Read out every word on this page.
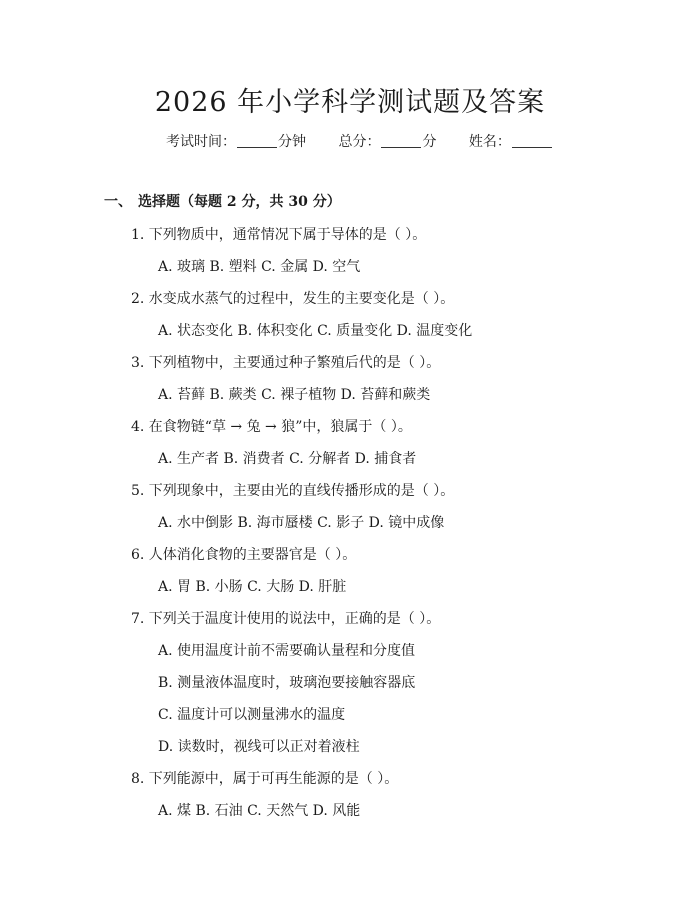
2026 年小学科学测试题及答案
考试时间：	分钟 总分：	分 姓名：
一、 选择题（每题 2 分，共 30 分）
1. 下列物质中，通常情况下属于导体的是（ ）。
A. 玻璃 B. 塑料 C. 金属 D. 空气
2. 水变成水蒸气的过程中，发生的主要变化是（ ）。
A. 状态变化 B. 体积变化 C. 质量变化 D. 温度变化
3. 下列植物中，主要通过种子繁殖后代的是（ ）。
A. 苔藓 B. 蕨类 C. 裸子植物 D. 苔藓和蕨类
4. 在食物链“草 → 兔 → 狼”中，狼属于（ ）。
A. 生产者 B. 消费者 C. 分解者 D. 捕食者
5. 下列现象中，主要由光的直线传播形成的是（ ）。
A. 水中倒影 B. 海市蜃楼 C. 影子 D. 镜中成像
6. 人体消化食物的主要器官是（ ）。
A. 胃 B. 小肠 C. 大肠 D. 肝脏
7. 下列关于温度计使用的说法中，正确的是（ ）。
A. 使用温度计前不需要确认量程和分度值
B. 测量液体温度时，玻璃泡要接触容器底
C. 温度计可以测量沸水的温度
D. 读数时，视线可以正对着液柱
8. 下列能源中，属于可再生能源的是（ ）。
A. 煤 B. 石油 C. 天然气 D. 风能
